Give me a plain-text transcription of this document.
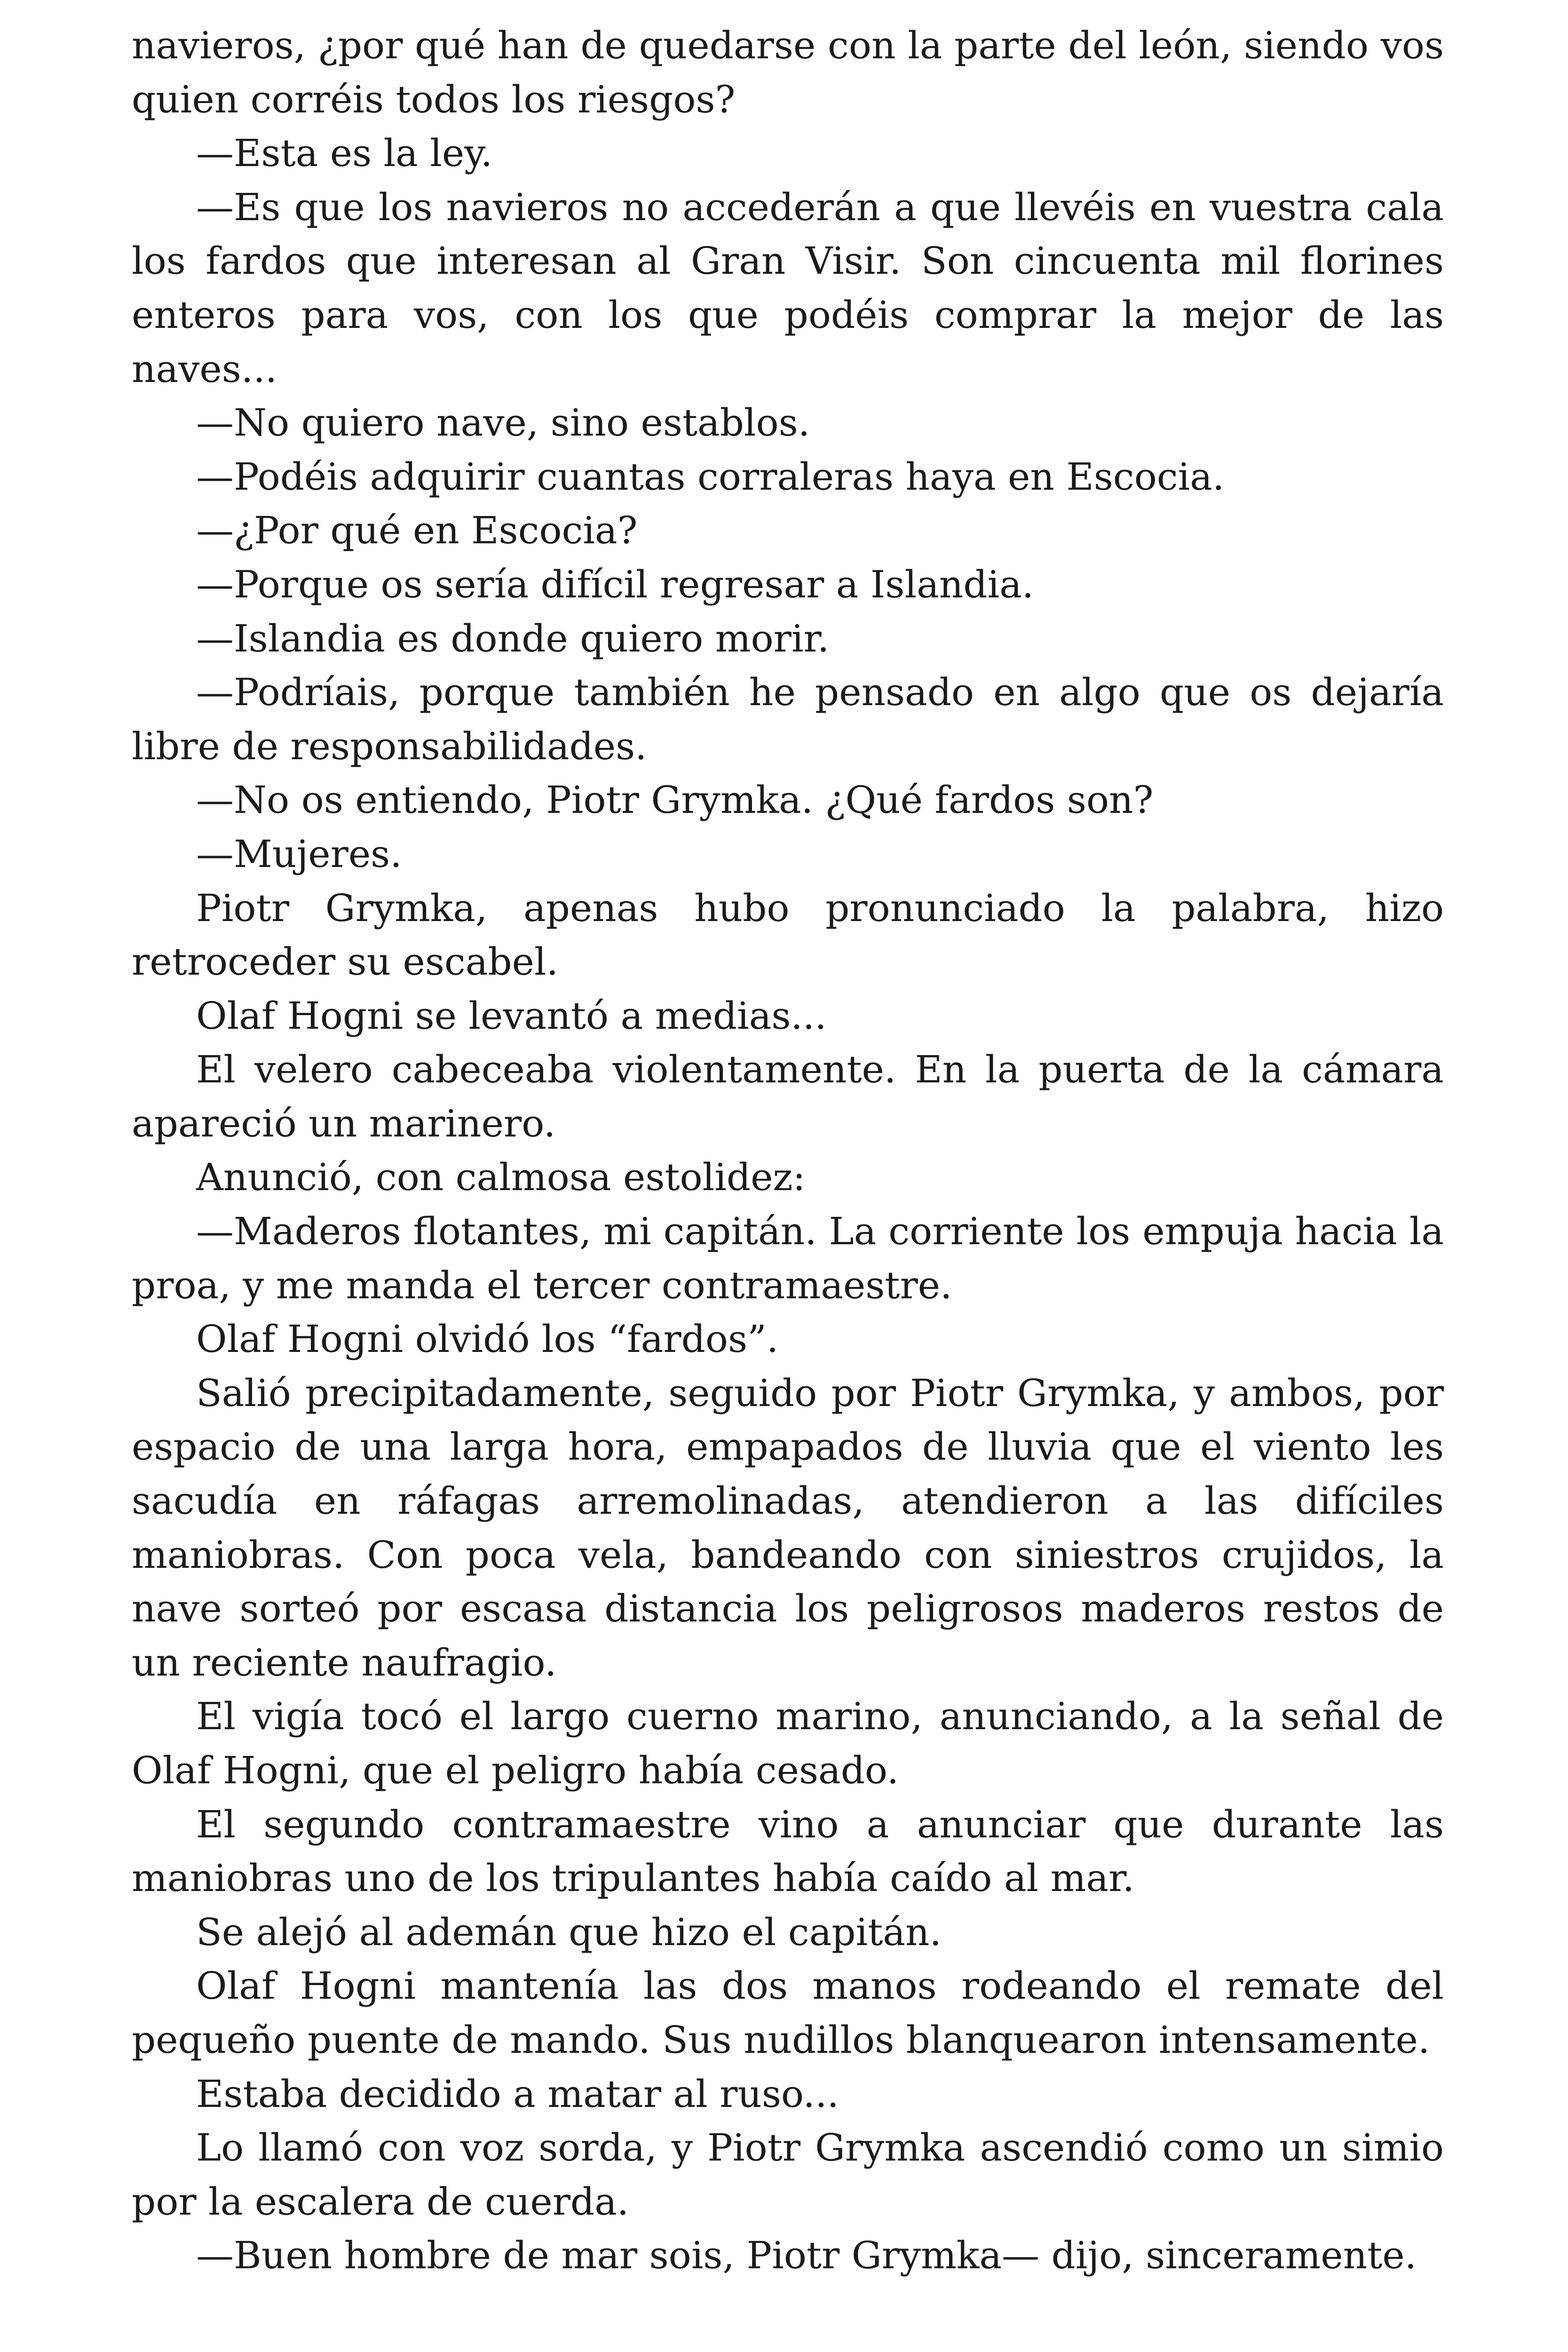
navieros, ¿por qué han de quedarse con la parte del león, siendo vos quien corréis todos los riesgos?

—Esta es la ley.

—Es que los navieros no accederán a que llevéis en vuestra cala los fardos que interesan al Gran Visir. Son cincuenta mil florines enteros para vos, con los que podéis comprar la mejor de las naves...

—No quiero nave, sino establos.

—Podéis adquirir cuantas corraleras haya en Escocia.

—¿Por qué en Escocia?

—Porque os sería difícil regresar a Islandia.

—Islandia es donde quiero morir.

—Podríais, porque también he pensado en algo que os dejaría libre de responsabilidades.

—No os entiendo, Piotr Grymka. ¿Qué fardos son?

—Mujeres.

Piotr Grymka, apenas hubo pronunciado la palabra, hizo retroceder su escabel.

Olaf Hogni se levantó a medias...

El velero cabeceaba violentamente. En la puerta de la cámara apareció un marinero.

Anunció, con calmosa estolidez:

—Maderos flotantes, mi capitán. La corriente los empuja hacia la proa, y me manda el tercer contramaestre.

Olaf Hogni olvidó los “fardos”.

Salió precipitadamente, seguido por Piotr Grymka, y ambos, por espacio de una larga hora, empapados de lluvia que el viento les sacudía en ráfagas arremolinadas, atendieron a las difíciles maniobras. Con poca vela, bandeando con siniestros crujidos, la nave sorteó por escasa distancia los peligrosos maderos restos de un reciente naufragio.

El vigía tocó el largo cuerno marino, anunciando, a la señal de Olaf Hogni, que el peligro había cesado.

El segundo contramaestre vino a anunciar que durante las maniobras uno de los tripulantes había caído al mar.

Se alejó al ademán que hizo el capitán.

Olaf Hogni mantenía las dos manos rodeando el remate del pequeño puente de mando. Sus nudillos blanquearon intensamente.

Estaba decidido a matar al ruso...

Lo llamó con voz sorda, y Piotr Grymka ascendió como un simio por la escalera de cuerda.

—Buen hombre de mar sois, Piotr Grymka— dijo, sinceramente.
